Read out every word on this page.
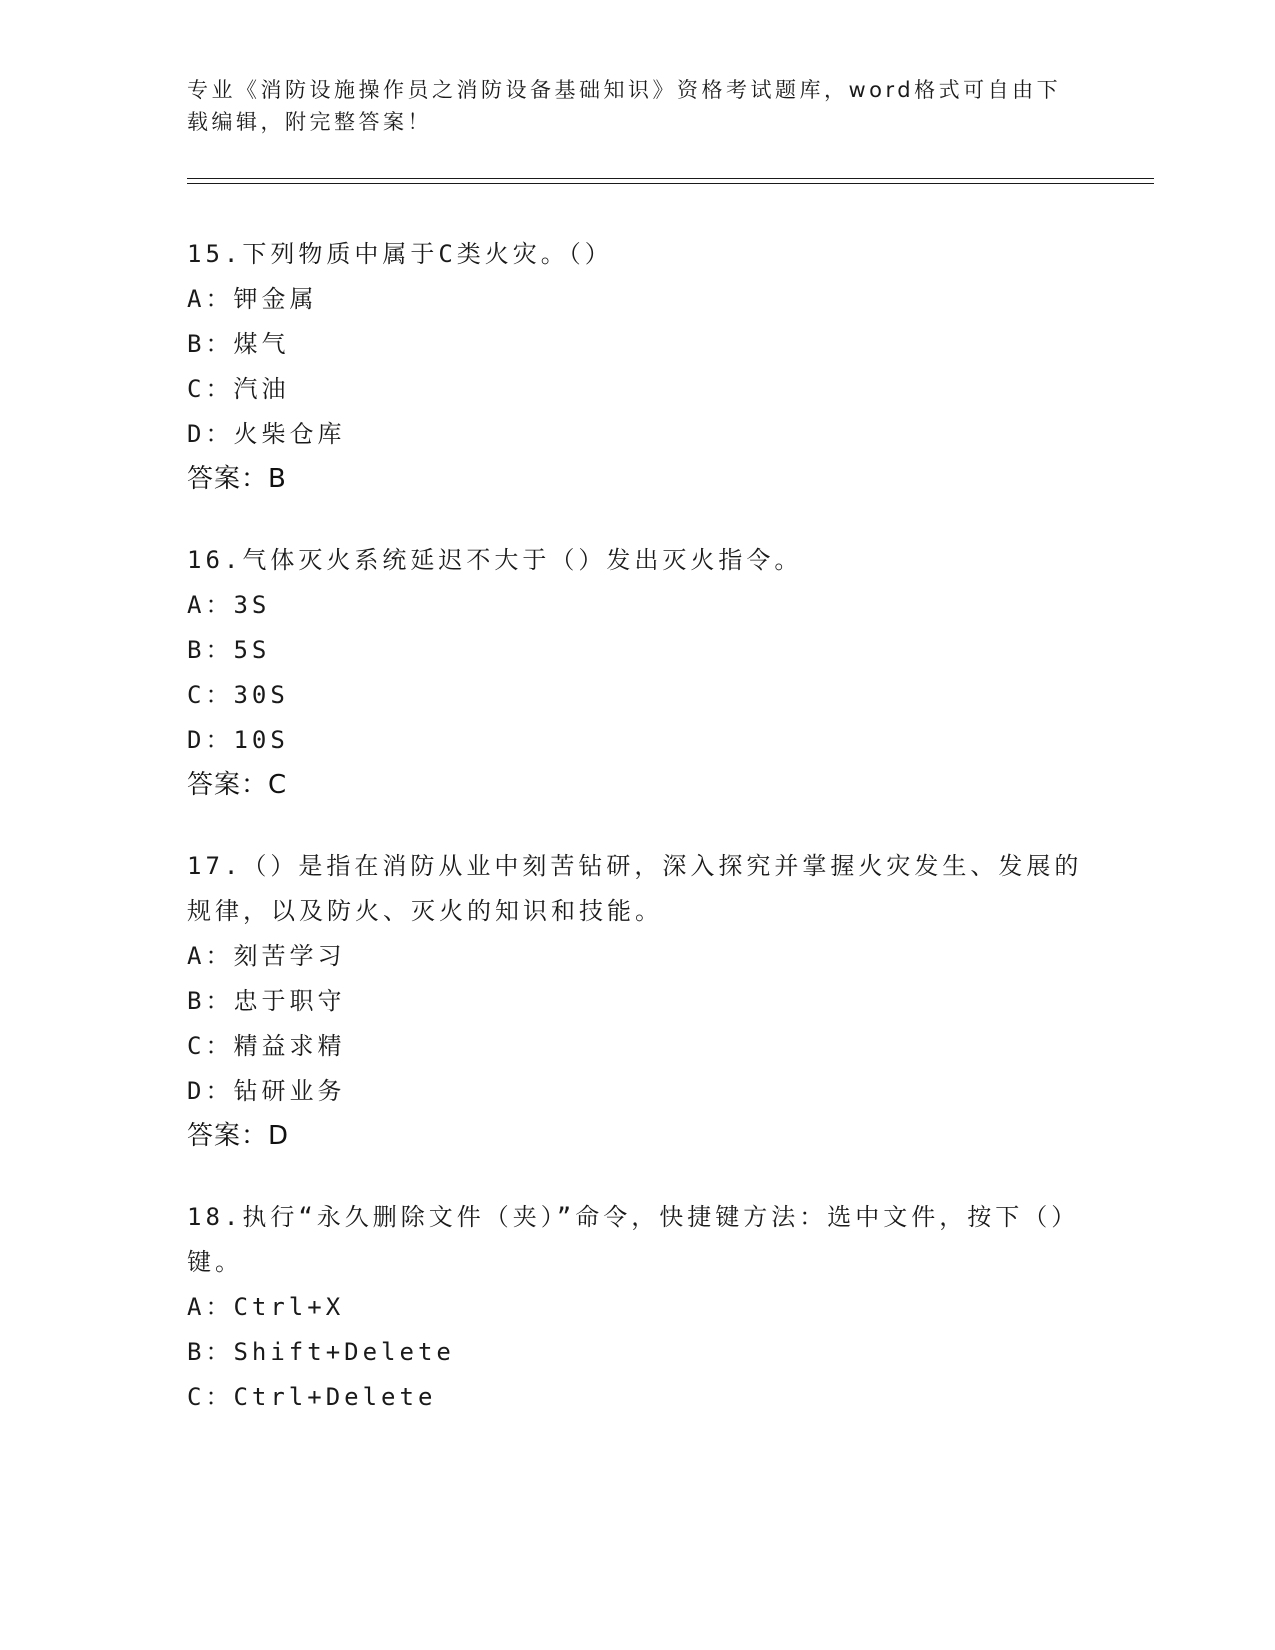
专业《消防设施操作员之消防设备基础知识》资格考试题库，word格式可自由下载编辑，附完整答案！
15.下列物质中属于C类火灾。（）
A：钾金属
B：煤气
C：汽油
D：火柴仓库
答案：B
16.气体灭火系统延迟不大于（）发出灭火指令。
A：3S
B：5S
C：30S
D：10S
答案：C
17.（）是指在消防从业中刻苦钻研，深入探究并掌握火灾发生、发展的规律，以及防火、灭火的知识和技能。
A：刻苦学习
B：忠于职守
C：精益求精
D：钻研业务
答案：D
18.执行“永久删除文件（夹）”命令，快捷键方法：选中文件，按下（）键。
A：Ctrl+X
B：Shift+Delete
C：Ctrl+Delete
